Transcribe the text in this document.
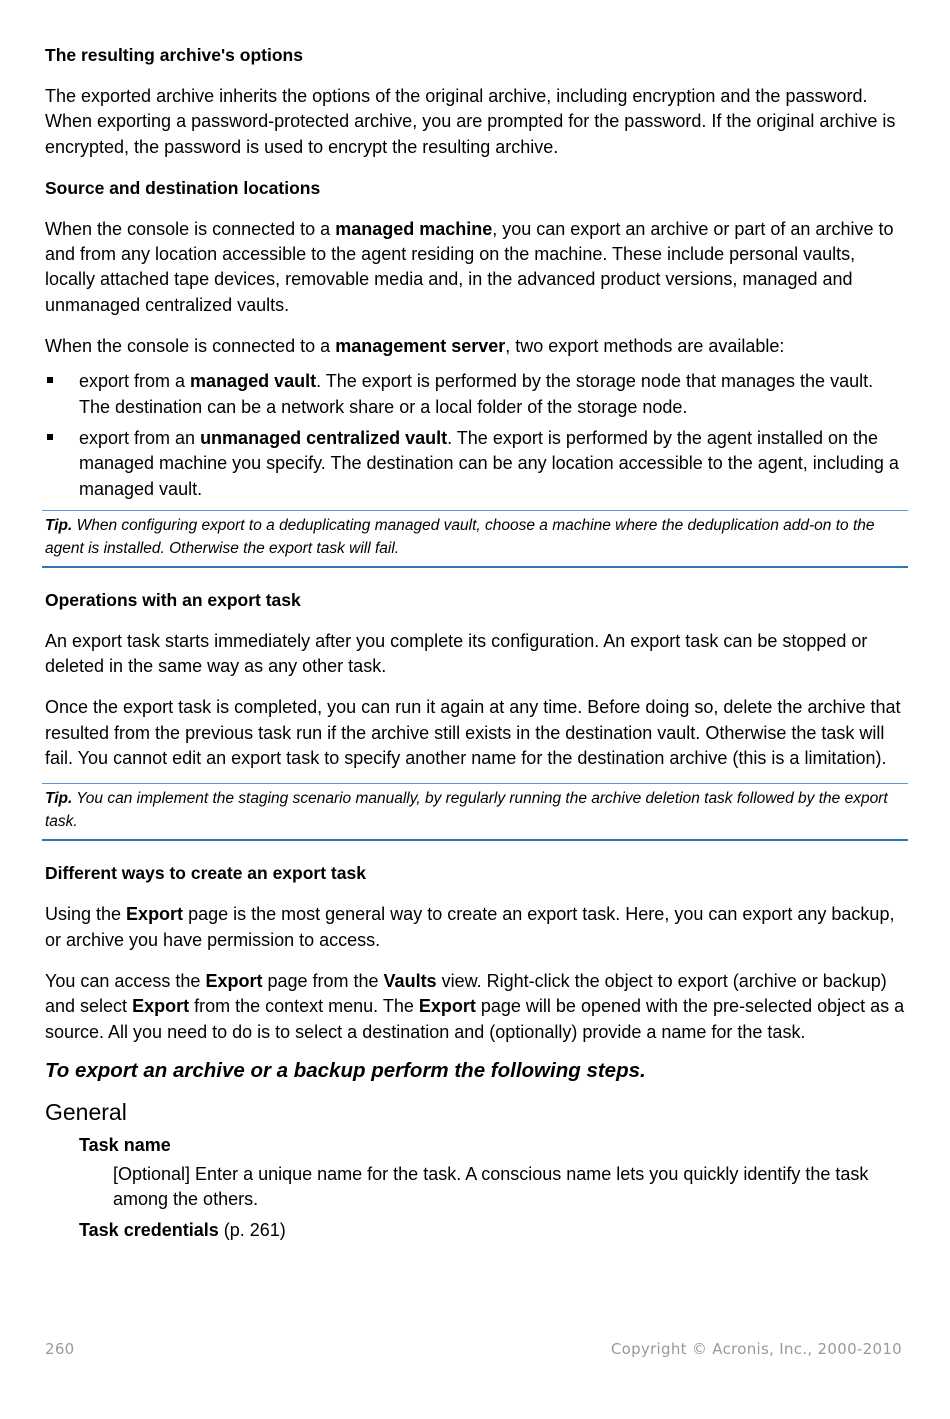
The resulting archive's options
The exported archive inherits the options of the original archive, including encryption and the password. When exporting a password-protected archive, you are prompted for the password. If the original archive is encrypted, the password is used to encrypt the resulting archive.
Source and destination locations
When the console is connected to a managed machine, you can export an archive or part of an archive to and from any location accessible to the agent residing on the machine. These include personal vaults, locally attached tape devices, removable media and, in the advanced product versions, managed and unmanaged centralized vaults.
When the console is connected to a management server, two export methods are available:
export from a managed vault. The export is performed by the storage node that manages the vault. The destination can be a network share or a local folder of the storage node.
export from an unmanaged centralized vault. The export is performed by the agent installed on the managed machine you specify. The destination can be any location accessible to the agent, including a managed vault.
Tip. When configuring export to a deduplicating managed vault, choose a machine where the deduplication add-on to the agent is installed. Otherwise the export task will fail.
Operations with an export task
An export task starts immediately after you complete its configuration. An export task can be stopped or deleted in the same way as any other task.
Once the export task is completed, you can run it again at any time. Before doing so, delete the archive that resulted from the previous task run if the archive still exists in the destination vault. Otherwise the task will fail. You cannot edit an export task to specify another name for the destination archive (this is a limitation).
Tip. You can implement the staging scenario manually, by regularly running the archive deletion task followed by the export task.
Different ways to create an export task
Using the Export page is the most general way to create an export task. Here, you can export any backup, or archive you have permission to access.
You can access the Export page from the Vaults view. Right-click the object to export (archive or backup) and select Export from the context menu. The Export page will be opened with the pre-selected object as a source. All you need to do is to select a destination and (optionally) provide a name for the task.
To export an archive or a backup perform the following steps.
General
Task name
[Optional] Enter a unique name for the task. A conscious name lets you quickly identify the task among the others.
Task credentials (p. 261)
260	Copyright © Acronis, Inc., 2000-2010
